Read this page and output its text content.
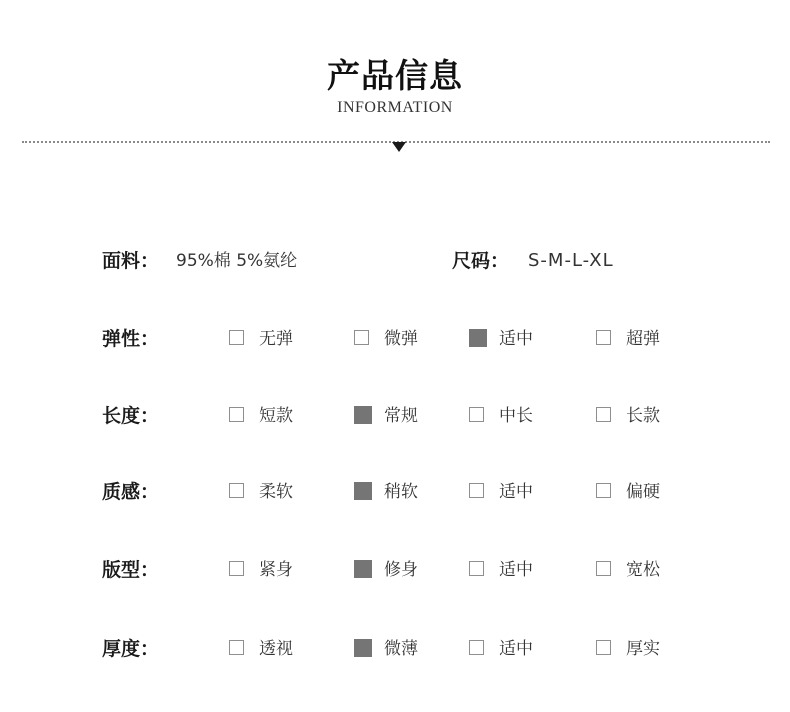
产品信息
INFORMATION
面料： 95%棉 5%氨纶	尺码： S-M-L-XL
弹性：	无弹	微弹	适中	超弹
长度：	短款	常规	中长	长款
质感：	柔软	稍软	适中	偏硬
版型：	紧身	修身	适中	宽松
厚度：	透视	微薄	适中	厚实
